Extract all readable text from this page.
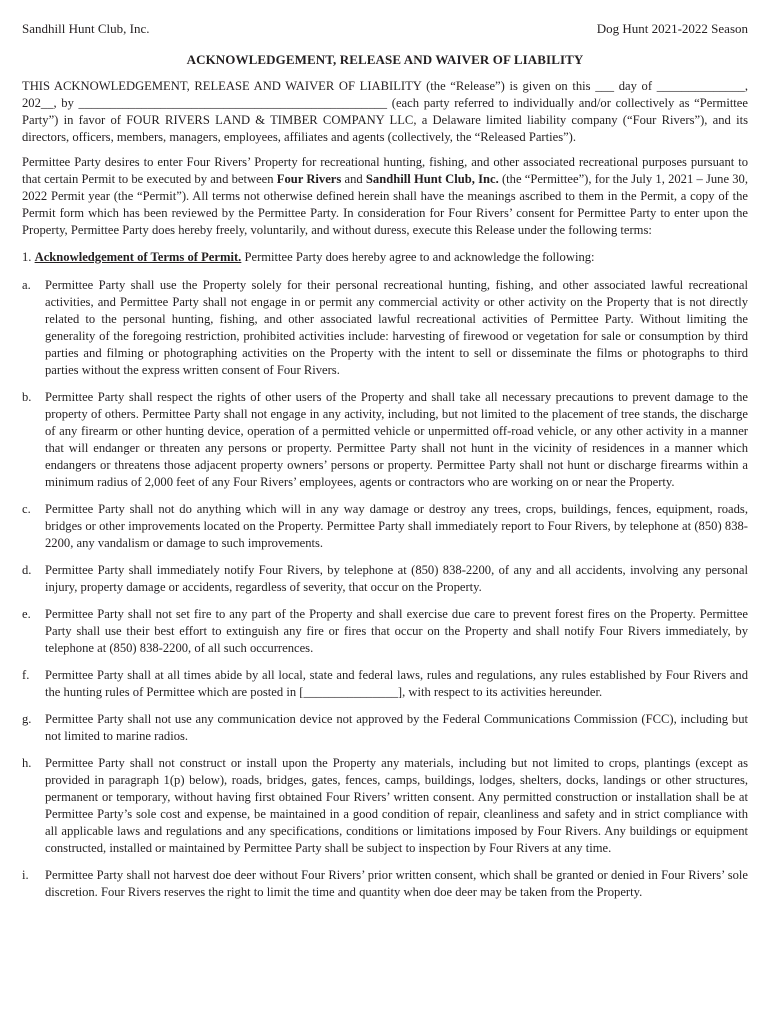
Sandhill Hunt Club, Inc.	Dog Hunt 2021-2022 Season
ACKNOWLEDGEMENT, RELEASE AND WAIVER OF LIABILITY

THIS ACKNOWLEDGEMENT, RELEASE AND WAIVER OF LIABILITY (the “Release”) is given on this ___ day of ______________, 202__, by _________________________________________________ (each party referred to individually and/or collectively as “Permittee Party”) in favor of FOUR RIVERS LAND & TIMBER COMPANY LLC, a Delaware limited liability company (“Four Rivers”), and its directors, officers, members, managers, employees, affiliates and agents (collectively, the “Released Parties”).

Permittee Party desires to enter Four Rivers’ Property for recreational hunting, fishing, and other associated recreational purposes pursuant to that certain Permit to be executed by and between Four Rivers and Sandhill Hunt Club, Inc. (the “Permittee”), for the July 1, 2021 – June 30, 2022 Permit year (the “Permit”). All terms not otherwise defined herein shall have the meanings ascribed to them in the Permit, a copy of the Permit form which has been reviewed by the Permittee Party. In consideration for Four Rivers’ consent for Permittee Party to enter upon the Property, Permittee Party does hereby freely, voluntarily, and without duress, execute this Release under the following terms:

1. Acknowledgement of Terms of Permit. Permittee Party does hereby agree to and acknowledge the following:

a.	Permittee Party shall use the Property solely for their personal recreational hunting, fishing, and other associated lawful recreational activities, and Permittee Party shall not engage in or permit any commercial activity or other activity on the Property that is not directly related to the personal hunting, fishing, and other associated lawful recreational activities of Permittee Party. Without limiting the generality of the foregoing restriction, prohibited activities include: harvesting of firewood or vegetation for sale or consumption by third parties and filming or photographing activities on the Property with the intent to sell or disseminate the films or photographs to third parties without the express written consent of Four Rivers.
b.	Permittee Party shall respect the rights of other users of the Property and shall take all necessary precautions to prevent damage to the property of others. Permittee Party shall not engage in any activity, including, but not limited to the placement of tree stands, the discharge of any firearm or other hunting device, operation of a permitted vehicle or unpermitted off-road vehicle, or any other activity in a manner that will endanger or threaten any persons or property. Permittee Party shall not hunt in the vicinity of residences in a manner which endangers or threatens those adjacent property owners’ persons or property. Permittee Party shall not hunt or discharge firearms within a minimum radius of 2,000 feet of any Four Rivers’ employees, agents or contractors who are working on or near the Property.
c.	Permittee Party shall not do anything which will in any way damage or destroy any trees, crops, buildings, fences, equipment, roads, bridges or other improvements located on the Property. Permittee Party shall immediately report to Four Rivers, by telephone at (850) 838-2200, any vandalism or damage to such improvements.
d.	Permittee Party shall immediately notify Four Rivers, by telephone at (850) 838-2200, of any and all accidents, involving any personal injury, property damage or accidents, regardless of severity, that occur on the Property.
e.	Permittee Party shall not set fire to any part of the Property and shall exercise due care to prevent forest fires on the Property. Permittee Party shall use their best effort to extinguish any fire or fires that occur on the Property and shall notify Four Rivers immediately, by telephone at (850) 838-2200, of all such occurrences.
f.	Permittee Party shall at all times abide by all local, state and federal laws, rules and regulations, any rules established by Four Rivers and the hunting rules of Permittee which are posted in [_______________], with respect to its activities hereunder.
g.	Permittee Party shall not use any communication device not approved by the Federal Communications Commission (FCC), including but not limited to marine radios.
h.	Permittee Party shall not construct or install upon the Property any materials, including but not limited to crops, plantings (except as provided in paragraph 1(p) below), roads, bridges, gates, fences, camps, buildings, lodges, shelters, docks, landings or other structures, permanent or temporary, without having first obtained Four Rivers’ written consent. Any permitted construction or installation shall be at Permittee Party’s sole cost and expense, be maintained in a good condition of repair, cleanliness and safety and in strict compliance with all applicable laws and regulations and any specifications, conditions or limitations imposed by Four Rivers. Any buildings or equipment constructed, installed or maintained by Permittee Party shall be subject to inspection by Four Rivers at any time.
i.	Permittee Party shall not harvest doe deer without Four Rivers’ prior written consent, which shall be granted or denied in Four Rivers’ sole discretion. Four Rivers reserves the right to limit the time and quantity when doe deer may be taken from the Property.
